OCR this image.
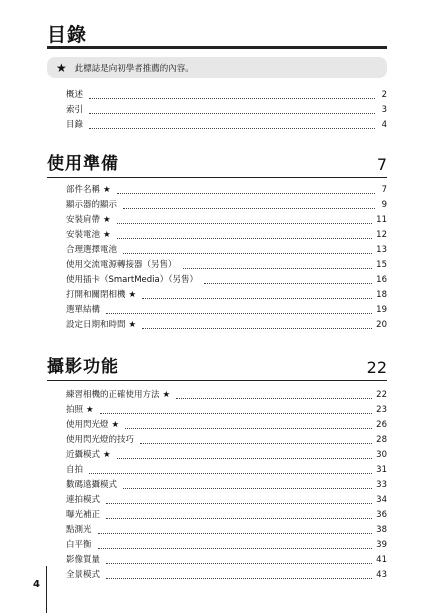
目錄
★ 此標誌是向初學者推薦的內容。
概述	2
索引	3
目錄	4
使用準備	7
部件名稱 ★	7
顯示器的顯示	9
安裝肩帶 ★	11
安裝電池 ★	12
合理選擇電池	13
使用交流電源轉接器（另售）	15
使用插卡（SmartMedia）（另售）	16
打開和關閉相機 ★	18
選單結構	19
設定日期和時間 ★	20
攝影功能	22
練習相機的正確使用方法 ★	22
拍照 ★	23
使用閃光燈 ★	26
使用閃光燈的技巧	28
近攝模式 ★	30
自拍	31
數碼遠攝模式	33
連拍模式	34
曝光補正	36
點測光	38
白平衡	39
影像質量	41
全景模式	43
4
